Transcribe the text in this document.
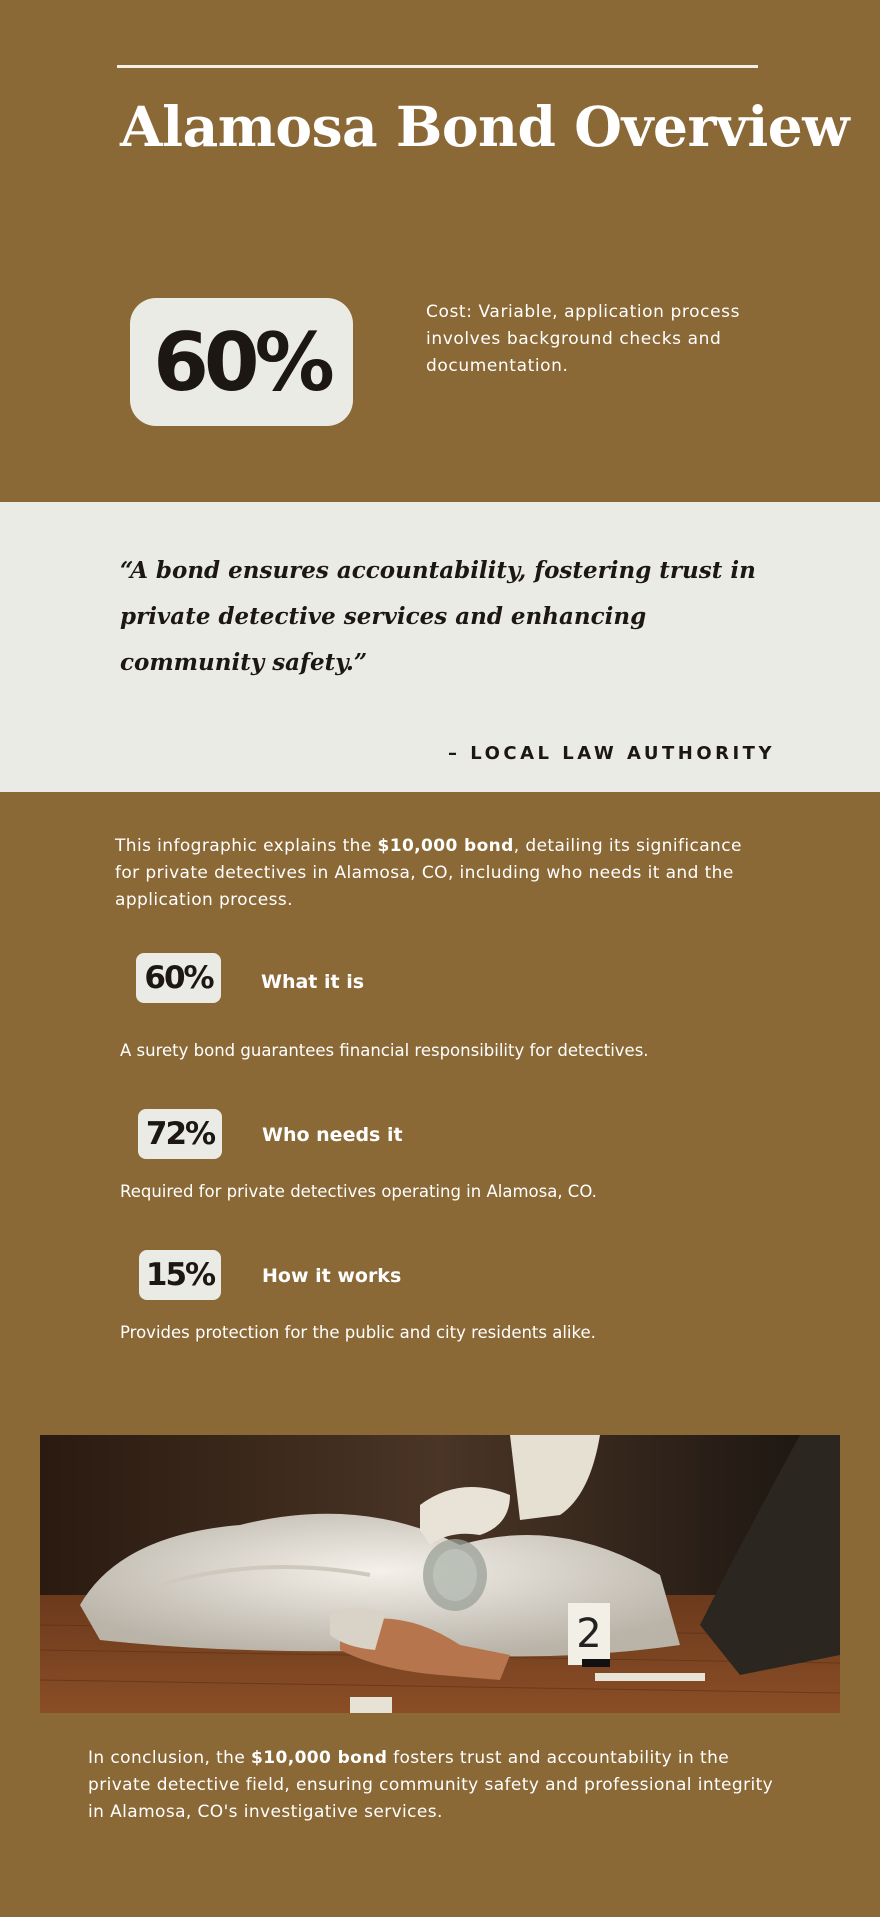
Alamosa Bond Overview
60%

Cost: Variable, application process involves background checks and documentation.

“A bond ensures accountability, fostering trust in private detective services and enhancing community safety.”

– LOCAL LAW AUTHORITY

This infographic explains the $10,000 bond, detailing its significance for private detectives in Alamosa, CO, including who needs it and the application process.

60%	What it is
A surety bond guarantees financial responsibility for detectives.
72%	Who needs it
Required for private detectives operating in Alamosa, CO.
15%	How it works
Provides protection for the public and city residents alike.
2

In conclusion, the $10,000 bond fosters trust and accountability in the private detective field, ensuring community safety and professional integrity in Alamosa, CO's investigative services.
